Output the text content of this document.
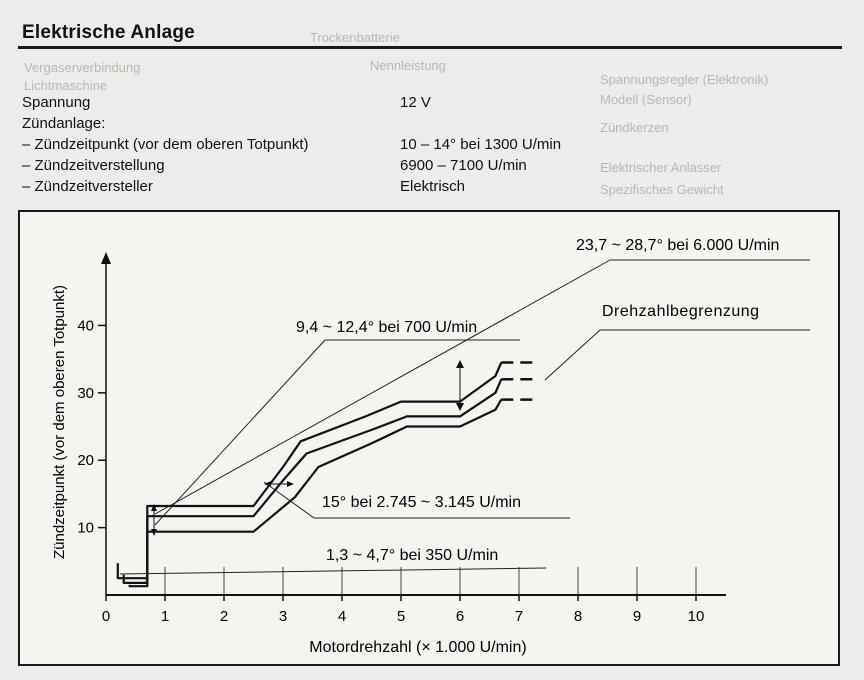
Spannungsregler (Elektronik)
Modell (Sensor)
Vergaserverbindung
Zündkerzen
Elektrischer Anlasser
Spezifisches Gewicht
Trockenbatterie
Nennleistung
Lichtmaschine
Elektrische Anlage
Spannung	12 V
Zündanlage:
– Zündzeitpunkt (vor dem oberen Totpunkt)	10 – 14° bei 1300 U/min
– Zündzeitverstellung	6900 – 7100 U/min
– Zündzeitversteller	Elektrisch
0	1	2	3	4	5	6	7	8	9	10
10
20
30
40
23,7 ~ 28,7° bei 6.000 U/min
Drehzahlbegrenzung
9,4 ~ 12,4° bei 700 U/min
15° bei 2.745 ~ 3.145 U/min
1,3 ~ 4,7° bei 350 U/min
Motordrehzahl (× 1.000 U/min)
Zündzeitpunkt (vor dem oberen Totpunkt)
